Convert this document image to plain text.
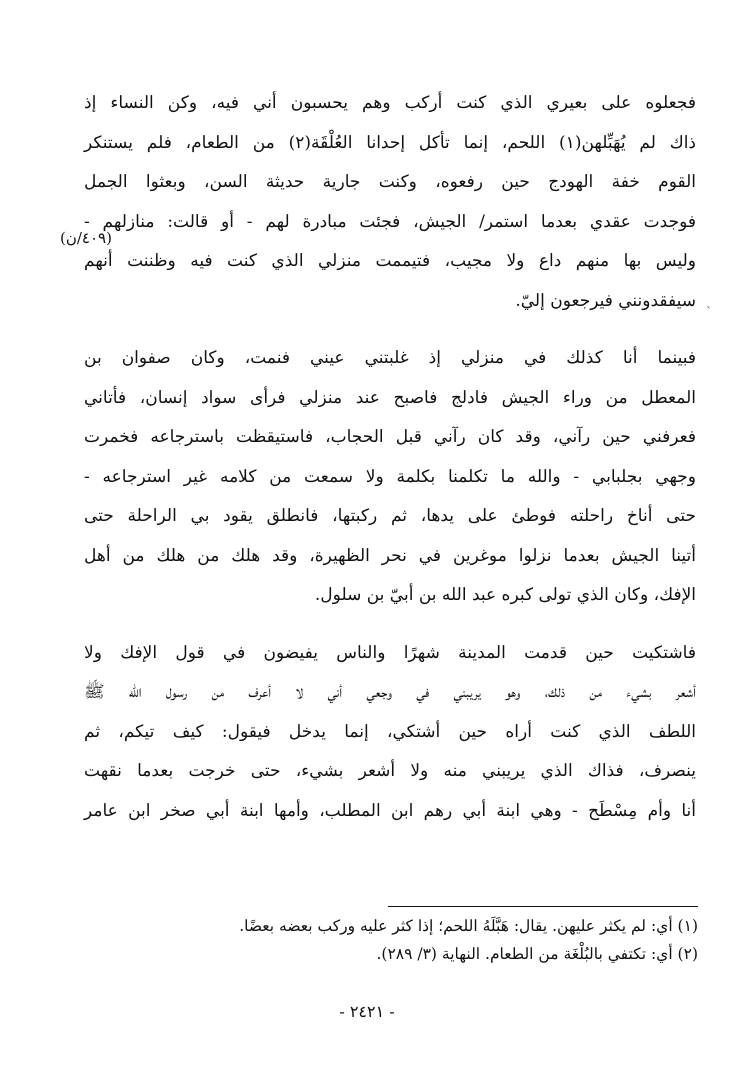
فجعلوه على بعيري الذي كنت أركب وهم يحسبون أني فيه، وكن النساء إذ
ذاك لم يُهَبِّلهن(١) اللحم، إنما تأكل إحدانا العُلْقَة(٢) من الطعام، فلم يستنكر
القوم خفة الهودج حين رفعوه، وكنت جارية حديثة السن، وبعثوا الجمل
فوجدت عقدي بعدما استمر/ الجيش، فجئت مبادرة لهم - أو قالت: منازلهم -
وليس بها منهم داع ولا مجيب، فتيممت منزلي الذي كنت فيه وظننت أنهم
سيفقدونني فيرجعون إليّ.

فبينما أنا كذلك في منزلي إذ غلبتني عيني فنمت، وكان صفوان بن
المعطل من وراء الجيش فادلج فاصبح عند منزلي فرأى سواد إنسان، فأتاني
فعرفني حين رآني، وقد كان رآني قبل الحجاب، فاستيقظت باسترجاعه فخمرت
وجهي بجلبابي - والله ما تكلمنا بكلمة ولا سمعت من كلامه غير استرجاعه -
حتى أناخ راحلته فوطئ على يدها، ثم ركبتها، فانطلق يقود بي الراحلة حتى
أتينا الجيش بعدما نزلوا موغرين في نحر الظهيرة، وقد هلك من هلك من أهل
الإفك، وكان الذي تولى كبره عبد الله بن أبيّ بن سلول.

فاشتكيت حين قدمت المدينة شهرًا والناس يفيضون في قول الإفك ولا
أشعر بشيء من ذلك، وهو يريبني في وجعي أني لا أعرف من رسول الله ﷺ
اللطف الذي كنت أراه حين أشتكي، إنما يدخل فيقول: كيف تيكم، ثم
ينصرف، فذاك الذي يريبني منه ولا أشعر بشيء، حتى خرجت بعدما نقهت
أنا وأم مِسْطَح - وهي ابنة أبي رهم ابن المطلب، وأمها ابنة أبي صخر ابن عامر

(٤٠٩/ن)
ˋ
(١) أي: لم يكثر عليهن. يقال: هَبَّلَهُ اللحم؛ إذا كثر عليه وركب بعضه بعضًا.
(٢) أي: تكتفي بالبُلْغَة من الطعام. النهاية (٣/ ٢٨٩).
- ٢٤٢١ -
